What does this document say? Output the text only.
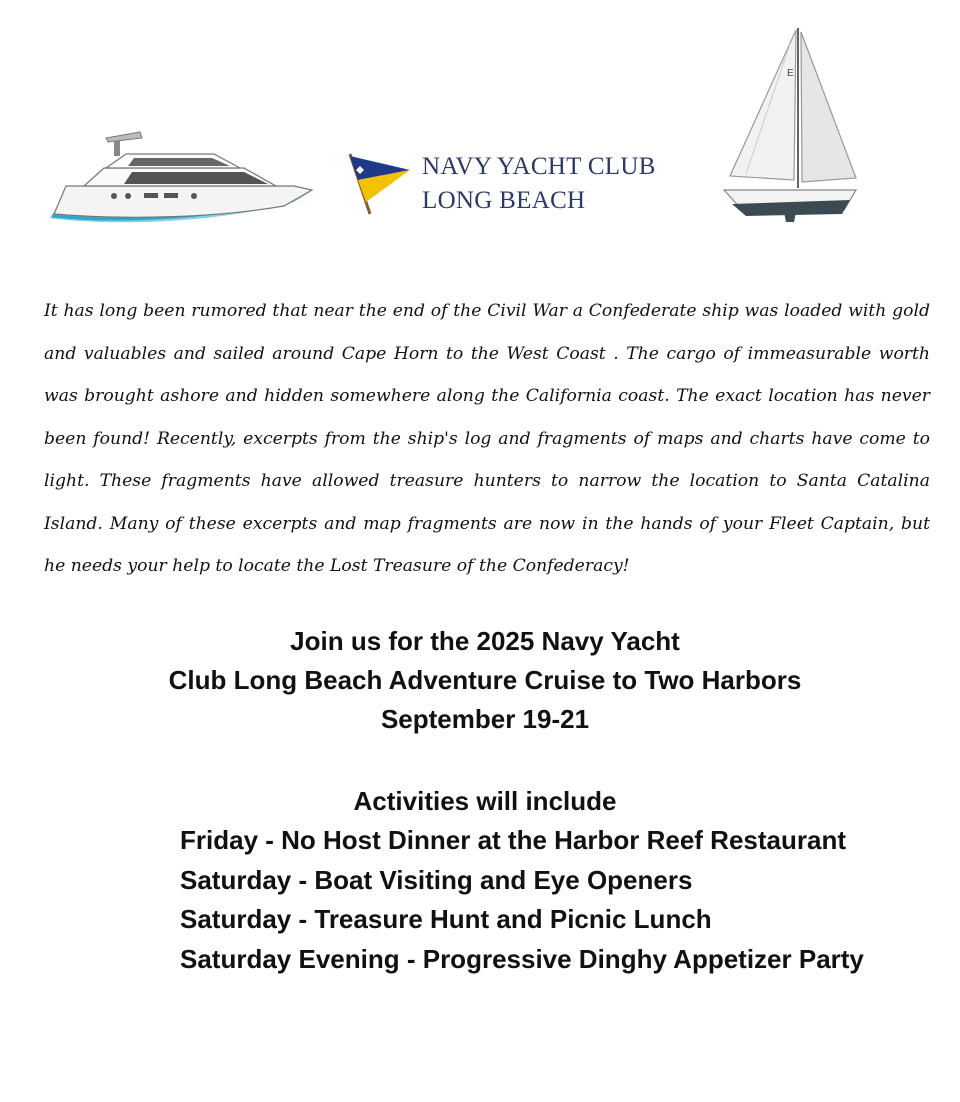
NAVY YACHT CLUB
LONG BEACH
E

It has long been rumored that near the end of the Civil War a Confederate ship was loaded with gold and valuables and sailed around Cape Horn to the West Coast . The cargo of immeasurable worth was brought ashore and hidden somewhere along the California coast. The exact location has never been found! Recently, excerpts from the ship's log and fragments of maps and charts have come to light. These fragments have allowed treasure hunters to narrow the location to Santa Catalina Island. Many of these excerpts and map fragments are now in the hands of your Fleet Captain, but he needs your help to locate the Lost Treasure of the Confederacy!

Join us for the 2025 Navy Yacht
Club Long Beach Adventure Cruise to Two Harbors
September 19-21
Activities will include
Friday - No Host Dinner at the Harbor Reef Restaurant
Saturday - Boat Visiting and Eye Openers
Saturday - Treasure Hunt and Picnic Lunch
Saturday Evening - Progressive Dinghy Appetizer Party
